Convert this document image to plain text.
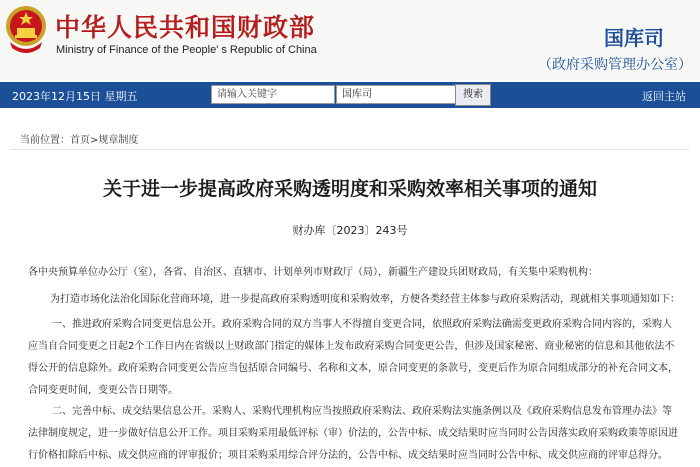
中华人民共和国财政部
Ministry of Finance of the People' s Republic of China	国库司
（政府采购管理办公室）
2023年12月15日 星期五	请输入关键字	国库司	搜索	返回主站
当前位置：首页>规章制度
关于进一步提高政府采购透明度和采购效率相关事项的通知
财办库〔2023〕243号
各中央预算单位办公厅（室），各省、自治区、直辖市、计划单列市财政厅（局），新疆生产建设兵团财政局，有关集中采购机构：
为打造市场化法治化国际化营商环境，进一步提高政府采购透明度和采购效率，方便各类经营主体参与政府采购活动，现就相关事项通知如下：
一、推进政府采购合同变更信息公开。政府采购合同的双方当事人不得擅自变更合同，依照政府采购法确需变更政府采购合同内容的，采购人应当自合同变更之日起2个工作日内在省级以上财政部门指定的媒体上发布政府采购合同变更公告，但涉及国家秘密、商业秘密的信息和其他依法不得公开的信息除外。政府采购合同变更公告应当包括原合同编号、名称和文本，原合同变更的条款号，变更后作为原合同组成部分的补充合同文本，合同变更时间，变更公告日期等。
二、完善中标、成交结果信息公开。采购人、采购代理机构应当按照政府采购法、政府采购法实施条例以及《政府采购信息发布管理办法》等法律制度规定，进一步做好信息公开工作。项目采购采用最低评标（审）价法的，公告中标、成交结果时应当同时公告因落实政府采购政策等原因进行价格扣除后中标、成交供应商的评审报价；项目采购采用综合评分法的，公告中标、成交结果时应当同时公告中标、成交供应商的评审总得分。
